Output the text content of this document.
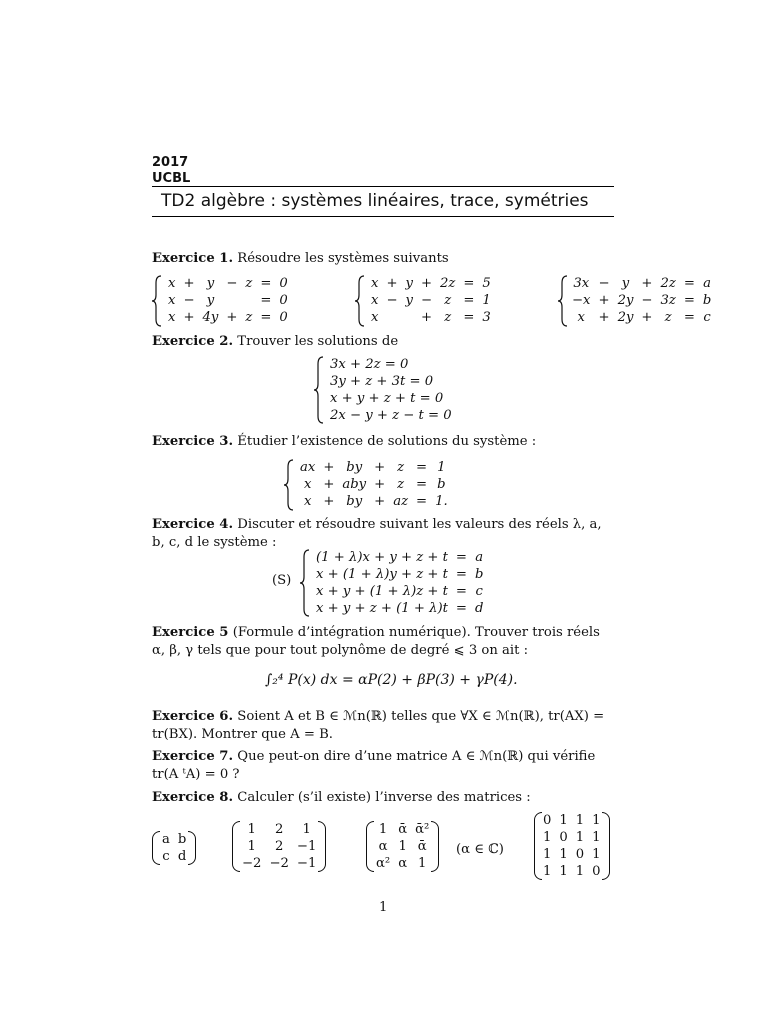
2017
UCBL
TD2 algèbre : systèmes linéaires, trace, symétries
Exercice 1. Résoudre les systèmes suivants
x	+	y	−	z	=	0
x	−	y			=	0
x	+	4y	+	z	=	0
x	+	y	+	2z	=	5
x	−	y	−	z	=	1
x			+	z	=	3
3x	−	y	+	2z	=	a
−x	+	2y	−	3z	=	b
x	+	2y	+	z	=	c
Exercice 2. Trouver les solutions de
3x + 2z = 0
3y + z + 3t = 0
x + y + z + t = 0
2x − y + z − t = 0
Exercice 3. Étudier l’existence de solutions du système :
ax	+	by	+	z	=	1
x	+	aby	+	z	=	b
x	+	by	+	az	=	1.
Exercice 4. Discuter et résoudre suivant les valeurs des réels λ, a, b, c, d le système :
(S)
(1 + λ)x + y + z + t	=	a
x + (1 + λ)y + z + t	=	b
x + y + (1 + λ)z + t	=	c
x + y + z + (1 + λ)t	=	d
Exercice 5 (Formule d’intégration numérique). Trouver trois réels α, β, γ tels que pour tout polynôme de degré ⩽ 3 on ait :
∫₂⁴ P(x) dx = αP(2) + βP(3) + γP(4).
Exercice 6. Soient A et B ∈ ℳn(ℝ) telles que ∀X ∈ ℳn(ℝ), tr(AX) = tr(BX). Montrer que A = B.
Exercice 7. Que peut-on dire d’une matrice A ∈ ℳn(ℝ) qui vérifie tr(A ᵗA) = 0 ?
Exercice 8. Calculer (s’il existe) l’inverse des matrices :
a	b
c	d
1	2	1
1	2	−1
−2	−2	−1
1	ᾱ	ᾱ²
α	1	ᾱ
α²	α	1
(α ∈ ℂ)
0	1	1	1
1	0	1	1
1	1	0	1
1	1	1	0
1
